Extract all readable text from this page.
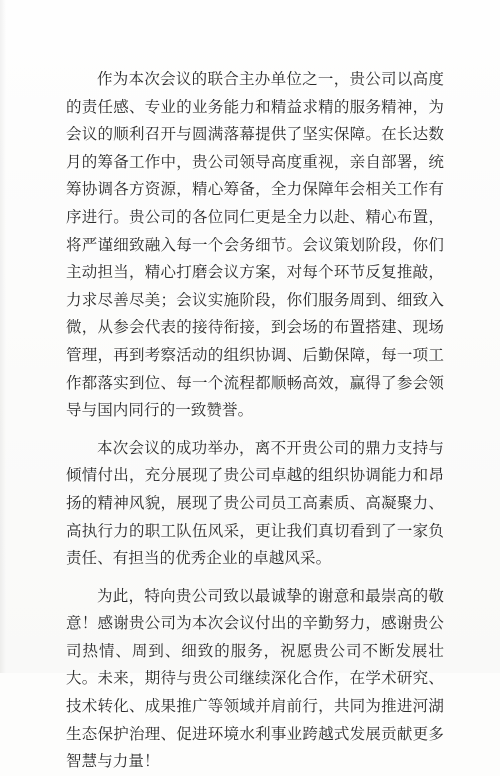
作为本次会议的联合主办单位之一，贵公司以高度的责任感、专业的业务能力和精益求精的服务精神，为会议的顺利召开与圆满落幕提供了坚实保障。在长达数月的筹备工作中，贵公司领导高度重视，亲自部署，统筹协调各方资源，精心筹备，全力保障年会相关工作有序进行。贵公司的各位同仁更是全力以赴、精心布置，将严谨细致融入每一个会务细节。会议策划阶段，你们主动担当，精心打磨会议方案，对每个环节反复推敲，力求尽善尽美；会议实施阶段，你们服务周到、细致入微，从参会代表的接待衔接，到会场的布置搭建、现场管理，再到考察活动的组织协调、后勤保障，每一项工作都落实到位、每一个流程都顺畅高效，赢得了参会领导与国内同行的一致赞誉。

本次会议的成功举办，离不开贵公司的鼎力支持与倾情付出，充分展现了贵公司卓越的组织协调能力和昂扬的精神风貌，展现了贵公司员工高素质、高凝聚力、高执行力的职工队伍风采，更让我们真切看到了一家负责任、有担当的优秀企业的卓越风采。

为此，特向贵公司致以最诚挚的谢意和最崇高的敬意！感谢贵公司为本次会议付出的辛勤努力，感谢贵公司热情、周到、细致的服务，祝愿贵公司不断发展壮大。未来，期待与贵公司继续深化合作，在学术研究、技术转化、成果推广等领域并肩前行，共同为推进河湖生态保护治理、促进环境水利事业跨越式发展贡献更多智慧与力量！
